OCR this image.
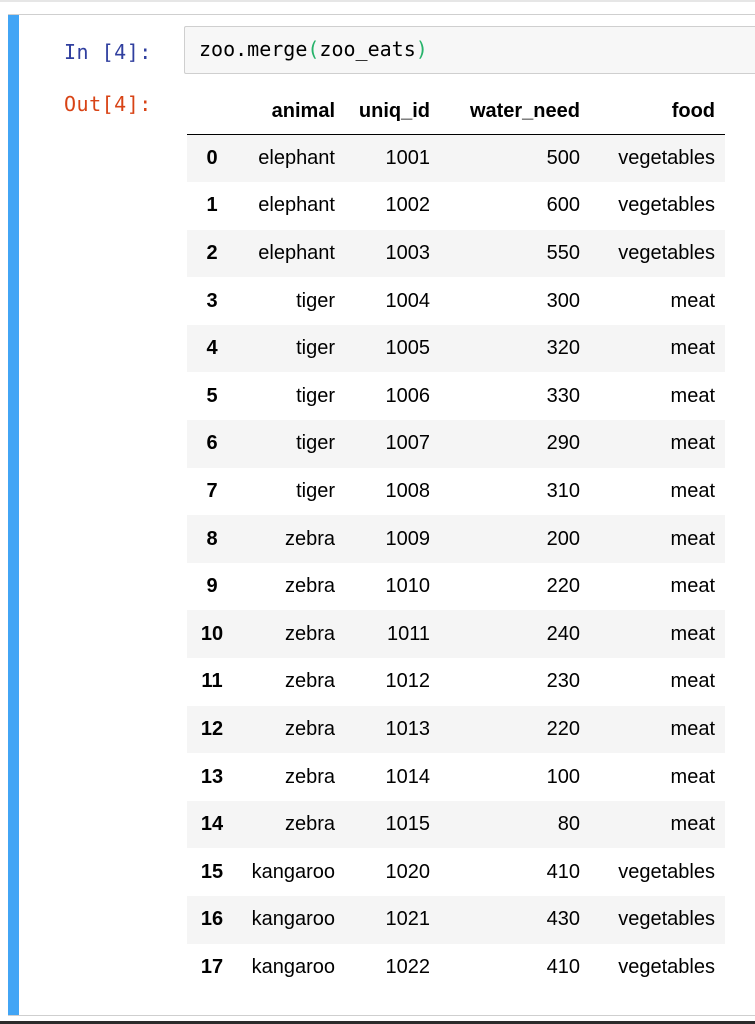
In [4]: zoo.merge(zoo_eats)
Out[4]:
		animal	uniq_id	water_need	food
0	elephant	1001	500	vegetables
1	elephant	1002	600	vegetables
2	elephant	1003	550	vegetables
3	tiger	1004	300	meat
4	tiger	1005	320	meat
5	tiger	1006	330	meat
6	tiger	1007	290	meat
7	tiger	1008	310	meat
8	zebra	1009	200	meat
9	zebra	1010	220	meat
10	zebra	1011	240	meat
11	zebra	1012	230	meat
12	zebra	1013	220	meat
13	zebra	1014	100	meat
14	zebra	1015	80	meat
15	kangaroo	1020	410	vegetables
16	kangaroo	1021	430	vegetables
17	kangaroo	1022	410	vegetables
